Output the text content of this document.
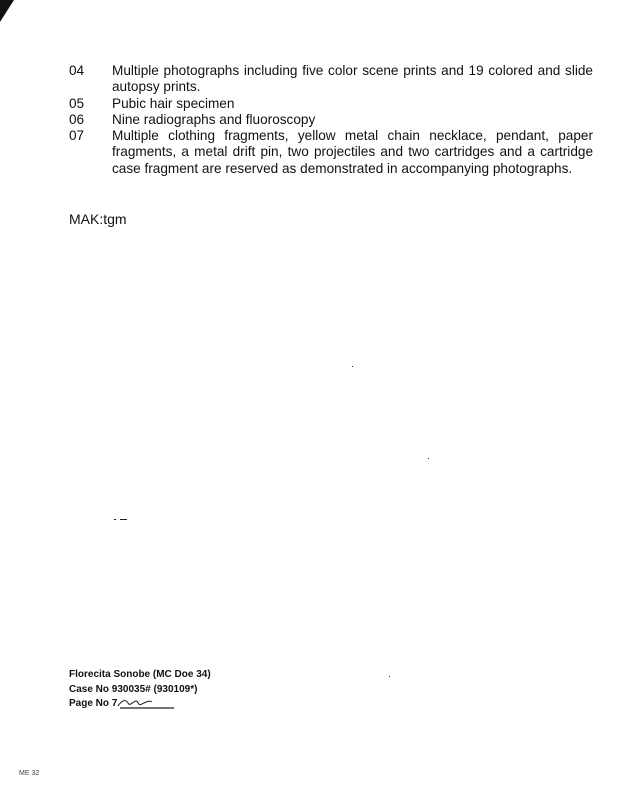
04	Multiple photographs including five color scene prints and 19 colored and slide autopsy prints.
05	Pubic hair specimen
06	Nine radiographs and fluoroscopy
07	Multiple clothing fragments, yellow metal chain necklace, pendant, paper fragments, a metal drift pin, two projectiles and two cartridges and a cartridge case fragment are reserved as demonstrated in accompanying photographs.
MAK:tgm
Florecita Sonobe (MC Doe 34)
Case No 930035# (930109*)
Page No 7
ME 32
